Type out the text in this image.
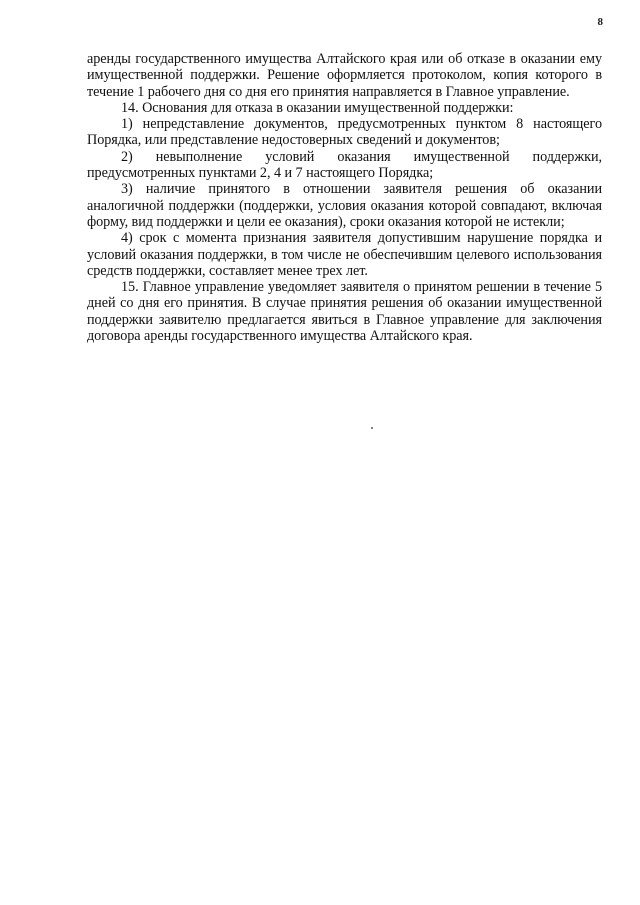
8

аренды государственного имущества Алтайского края или об отказе в оказании ему имущественной поддержки. Решение оформляется протоколом, копия которого в течение 1 рабочего дня со дня его принятия направляется в Главное управление.

14. Основания для отказа в оказании имущественной поддержки:

1) непредставление документов, предусмотренных пунктом 8 настоящего Порядка, или представление недостоверных сведений и документов;

2) невыполнение условий оказания имущественной поддержки, предусмотренных пунктами 2, 4 и 7 настоящего Порядка;

3) наличие принятого в отношении заявителя решения об оказании аналогичной поддержки (поддержки, условия оказания которой совпадают, включая форму, вид поддержки и цели ее оказания), сроки оказания которой не истекли;

4) срок с момента признания заявителя допустившим нарушение порядка и условий оказания поддержки, в том числе не обеспечившим целевого использования средств поддержки, составляет менее трех лет.

15. Главное управление уведомляет заявителя о принятом решении в течение 5 дней со дня его принятия. В случае принятия решения об оказании имущественной поддержки заявителю предлагается явиться в Главное управление для заключения договора аренды государственного имущества Алтайского края.
